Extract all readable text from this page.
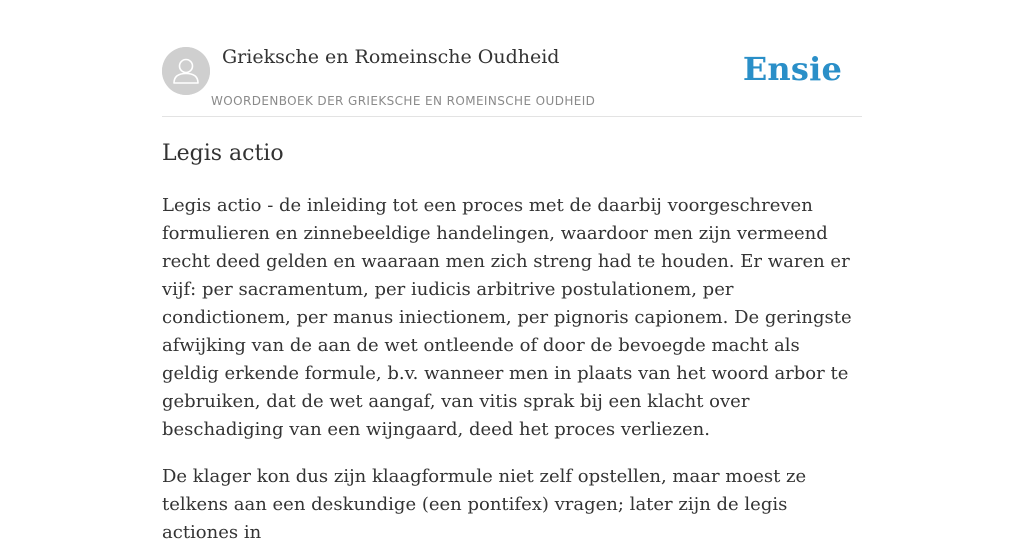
Grieksche en Romeinsche Oudheid
WOORDENBOEK DER GRIEKSCHE EN ROMEINSCHE OUDHEID
Ensie
Legis actio

Legis actio - de inleiding tot een proces met de daarbij voorgeschreven formulieren en zinnebeeldige handelingen, waardoor men zijn vermeend recht deed gelden en waaraan men zich streng had te houden. Er waren er vijf: per sacramentum, per iudicis arbitrive postulationem, per condictionem, per manus iniectionem, per pignoris capionem. De geringste afwijking van de aan de wet ontleende of door de bevoegde macht als geldig erkende formule, b.v. wanneer men in plaats van het woord arbor te gebruiken, dat de wet aangaf, van vitis sprak bij een klacht over beschadiging van een wijngaard, deed het proces verliezen.

De klager kon dus zijn klaagformule niet zelf opstellen, maar moest ze telkens aan een deskundige (een pontifex) vragen; later zijn de legis actiones in
